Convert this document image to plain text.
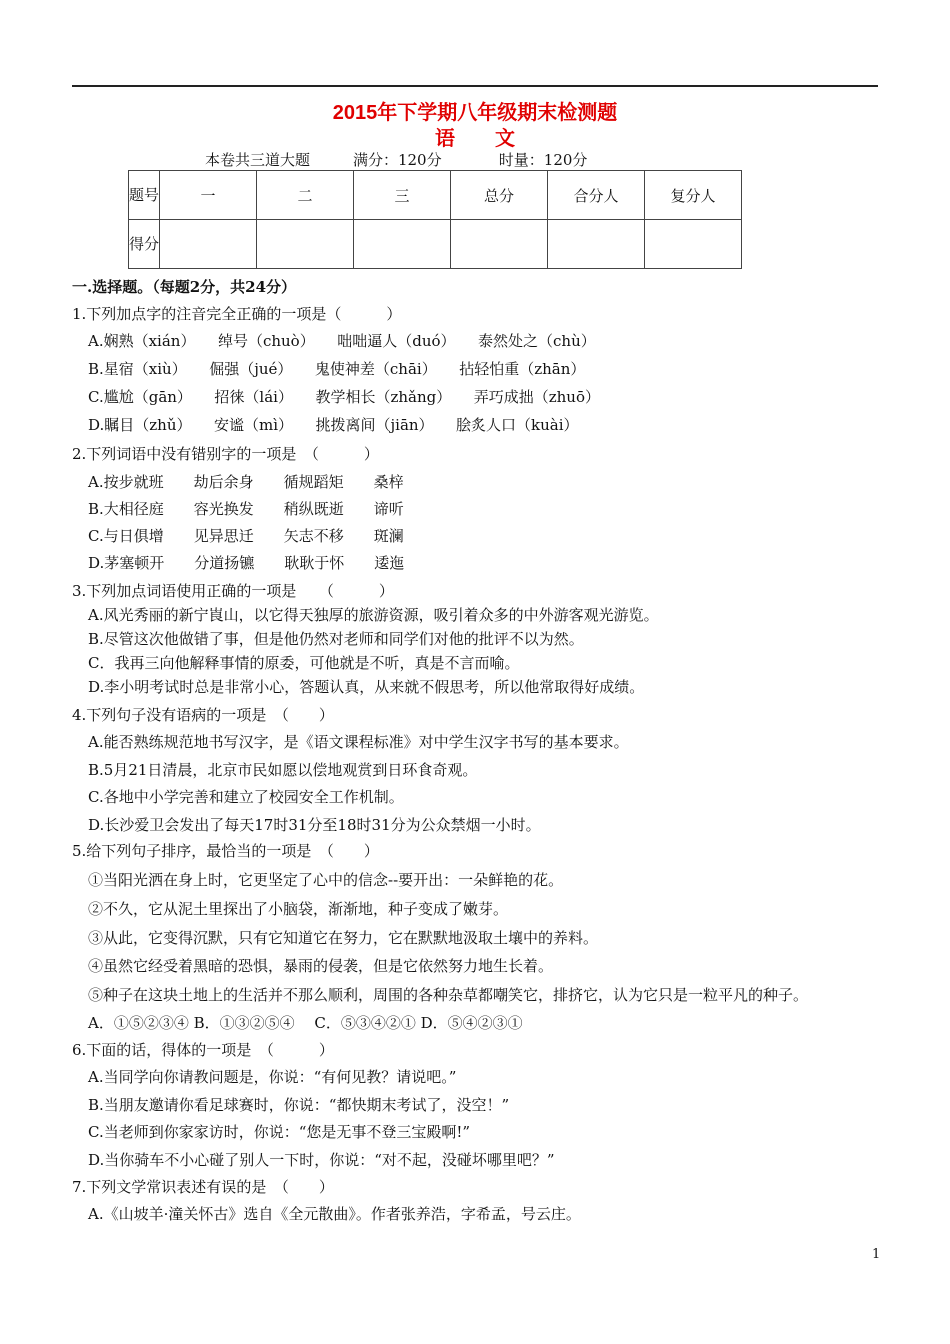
2015年下学期八年级期末检测题
语文
本卷共三道大题	满分：120分	时量：120分
题号	一	二	三	总分	合分人	复分人
得分						
一.选择题。（每题2分，共24分）
1.下列加点字的注音完全正确的一项是（　　　）
A.娴熟（xián）　　绰号（chuò）　　咄咄逼人（duó）　　泰然处之（chù）
B.星宿（xiù）　　倔强（jué）　　鬼使神差（chāi）　　拈轻怕重（zhān）
C.尴尬（gān）　　招徕（lái）　　教学相长（zhǎng）　　弄巧成拙（zhuō）
D.瞩目（zhǔ）　　安谧（mì）　　挑拨离间（jiān）　　脍炙人口（kuài）
2.下列词语中没有错别字的一项是　（　　　）
A.按步就班　　劫后余身　　循规蹈矩　　桑梓
B.大相径庭　　容光换发　　稍纵既逝　　谛听
C.与日俱增　　见异思迁　　矢志不移　　斑澜
D.茅塞顿开　　分道扬镳　　耿耿于怀　　逶迤
3.下列加点词语使用正确的一项是　　（　　　）
A.风光秀丽的新宁崀山，以它得天独厚的旅游资源，吸引着众多的中外游客观光游览。
B.尽管这次他做错了事，但是他仍然对老师和同学们对他的批评不以为然。
C．我再三向他解释事情的原委，可他就是不听，真是不言而喻。
D.李小明考试时总是非常小心，答题认真，从来就不假思考，所以他常取得好成绩。
4.下列句子没有语病的一项是　（　　）
A.能否熟练规范地书写汉字，是《语文课程标准》对中学生汉字书写的基本要求。
B.5月21日清晨，北京市民如愿以偿地观赏到日环食奇观。
C.各地中小学完善和建立了校园安全工作机制。
D.长沙爱卫会发出了每天17时31分至18时31分为公众禁烟一小时。
5.给下列句子排序，最恰当的一项是　（　　）
①当阳光洒在身上时，它更坚定了心中的信念--要开出：一朵鲜艳的花。
②不久，它从泥土里探出了小脑袋，渐渐地，种子变成了嫩芽。
③从此，它变得沉默，只有它知道它在努力，它在默默地汲取土壤中的养料。
④虽然它经受着黑暗的恐惧，暴雨的侵袭，但是它依然努力地生长着。
⑤种子在这块土地上的生活并不那么顺利，周围的各种杂草都嘲笑它，排挤它，认为它只是一粒平凡的种子。
A．①⑤②③④ B．①③②⑤④　 C．⑤③④②① D．⑤④②③①
6.下面的话，得体的一项是　（　　　）
A.当同学向你请教问题是，你说：“有何见教？请说吧。”
B.当朋友邀请你看足球赛时，你说：“都快期末考试了，没空！”
C.当老师到你家家访时，你说：“您是无事不登三宝殿啊!”
D.当你骑车不小心碰了别人一下时，你说：“对不起，没碰坏哪里吧？”
7.下列文学常识表述有误的是　（　　）
A.《山坡羊·潼关怀古》选自《全元散曲》。作者张养浩，字希孟，号云庄。
1
